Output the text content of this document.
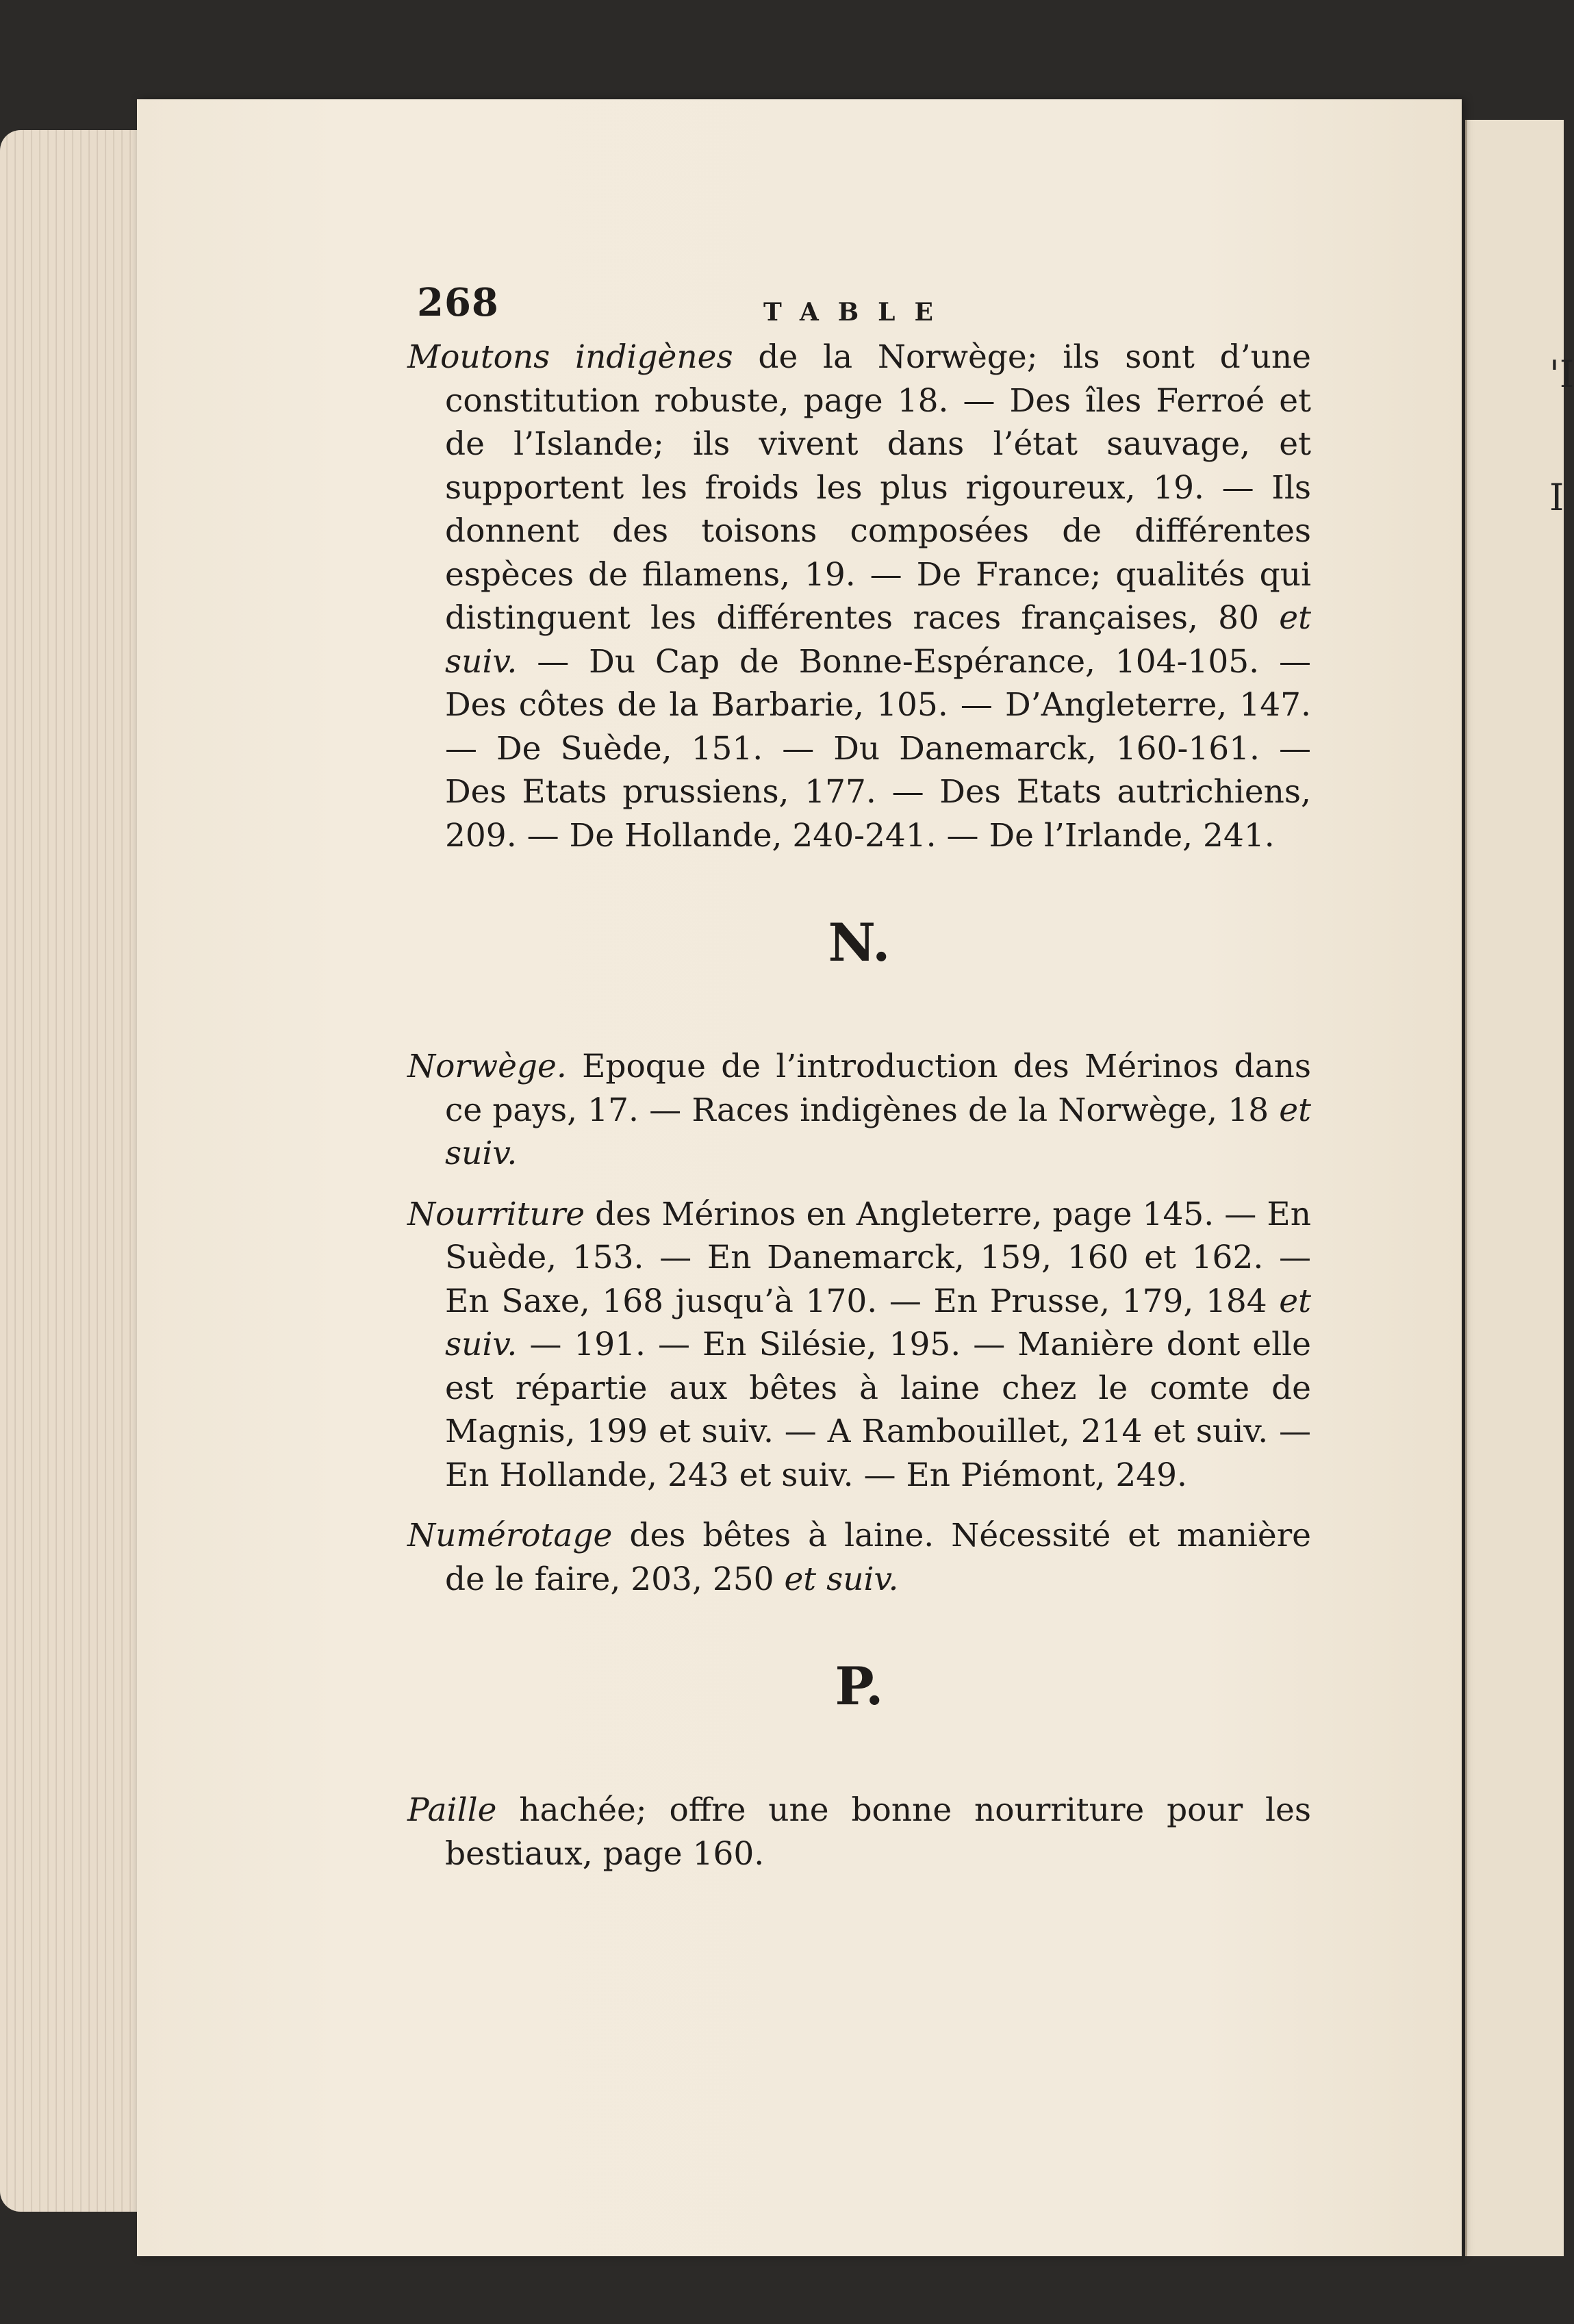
'I
I
268	TABLE

Moutons indigènes de la Norwège; ils sont d’une constitution robuste, page 18. — Des îles Ferroé et de l’Islande; ils vivent dans l’état sauvage, et supportent les froids les plus rigoureux, 19. — Ils donnent des toisons composées de différentes espèces de filamens, 19. — De France; qualités qui distinguent les différentes races françaises, 80 et suiv. — Du Cap de Bonne-Espérance, 104-105. — Des côtes de la Barbarie, 105. — D’Angleterre, 147. — De Suède, 151. — Du Danemarck, 160-161. — Des Etats prussiens, 177. — Des Etats autrichiens, 209. — De Hollande, 240-241. — De l’Irlande, 241.

N.

Norwège. Epoque de l’introduction des Mérinos dans ce pays, 17. — Races indigènes de la Norwège, 18 et suiv.

Nourriture des Mérinos en Angleterre, page 145. — En Suède, 153. — En Danemarck, 159, 160 et 162. — En Saxe, 168 jusqu’à 170. — En Prusse, 179, 184 et suiv. — 191. — En Silésie, 195. — Manière dont elle est répartie aux bêtes à laine chez le comte de Magnis, 199 et suiv. — A Rambouillet, 214 et suiv. — En Hollande, 243 et suiv. — En Piémont, 249.

Numérotage des bêtes à laine. Nécessité et manière de le faire, 203, 250 et suiv.

P.

Paille hachée; offre une bonne nourriture pour les bestiaux, page 160.
